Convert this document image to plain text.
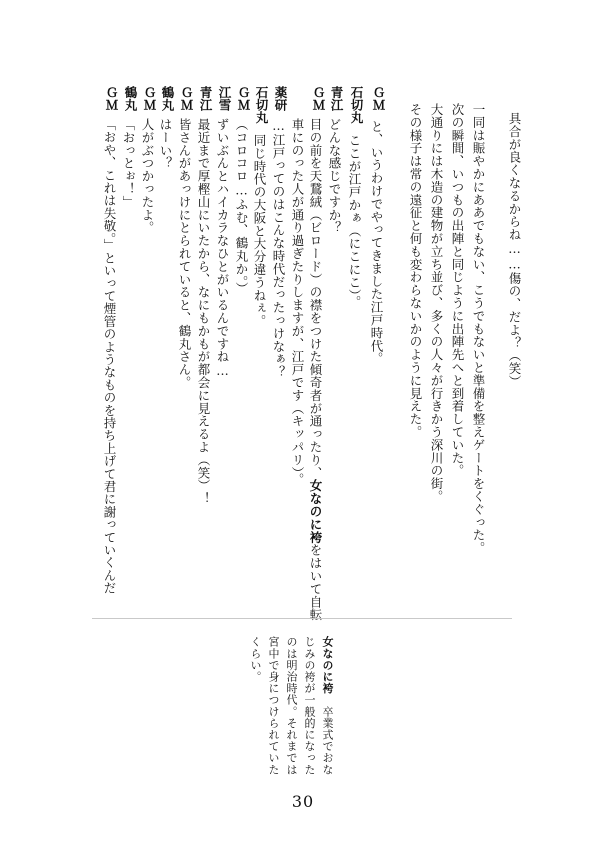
具合が良くなるからね……傷の、だよ？（笑）
一同は賑やかにああでもない、こうでもないと準備を整えゲートをくぐった。
次の瞬間、いつもの出陣と同じように出陣先へと到着していた。
大通りには木造の建物が立ち並び、多くの人々が行きかう深川の街。
その様子は常の遠征と何も変わらないかのように見えた。
ＧＭ
と、いうわけでやってきました江戸時代。
石切丸
ここが江戸かぁ（にこにこ）。
青江
どんな感じですか？
ＧＭ
目の前を天鵞絨（ビロード）の襟をつけた傾奇者が通ったり、女なのに袴をはいて自転
車にのった人が通り過ぎたりしますが、江戸です（キッパリ）。
薬研
…江戸ってのはこんな時代だったっけなぁ？
石切丸
同じ時代の大阪と大分違うねぇ。
ＧＭ
（コロコロ…ふむ、鶴丸か。）
江雪
ずいぶんとハイカラなひとがいるんですね…
青江
最近まで厚樫山にいたから、なにもかもが都会に見えるよ（笑）！
ＧＭ
皆さんがあっけにとられていると、鶴丸さん。
鶴丸
はーい？
ＧＭ
人がぶつかったよ。
鶴丸
「おっとぉ！」
ＧＭ
「おや、これは失敬。」といって煙管のようなものを持ち上げて君に謝っていくんだ
女なのに袴　卒業式でおな
じみの袴が一般的になった
のは明治時代。それまでは
宮中で身につけられていた
くらい。
30
